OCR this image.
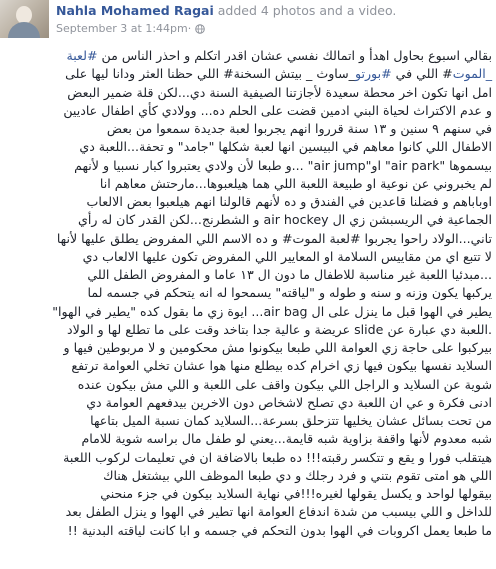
Nahla Mohamed Ragai added 4 photos and a video.
September 3 at 1:44pm ·
بقالي اسبوع بحاول اهدأ و اتمالك نفسي عشان اقدر اتكلم و احذر الناس من #لعبة
_الموت# اللي في #بورتو_ساوث _ بيتش السخنة# اللي حظنا العثر ودانا ليها على
امل انها تكون اخر محطة سعيدة لأجازتنا الصيفية السنة دي...لكن قلة ضمير البعض
و عدم الاكتراث لحياة البني ادمين قضت على الحلم ده... وولادي كأي اطفال عاديين
في سنهم ٩ سنين و ١٣ سنة قرروا انهم يجربوا لعبة جديدة سمعوا من بعض
الاطفال اللي كانوا معاهم في البيسين انها لعبة شكلها "جامد" و تحفة...اللعبة دي
بيسموها "air park" او"air jump" ...و طبعا لأن ولادي يعتبروا كبار نسبيا و لأنهم
لم يخبروني عن نوعية او طبيعة اللعبة اللي هما هيلعبوها...مارحتش معاهم انا
اوباباهم و فضلنا قاعدين في الفندق و ده لأنهم قالولنا انهم هيلعبوا بعض الالعاب
الجماعية في الريسبشن زي ال air hockey و الشطرنج...لكن القدر كان له رأي
تاني...الولاد راحوا يجربوا #لعبة الموت# و ده الاسم اللي المفروض يطلق عليها لأنها
لا تتبع اي من مقاييس السلامة او المعايير اللي المفروض تكون عليها الالعاب دي
...مبدئيا اللعبة غير مناسبة للاطفال ما دون ال ١٣ عاما و المفروض الطفل اللي
يركبها يكون وزنه و سنه و طوله و "لياقته" يسمحوا له انه يتحكم في جسمه لما
يطير في الهوا قبل ما ينزل على ال air bag... ايوة زي ما بقول كده "يطير في الهوا"
.اللعبة دي عبارة عن slide عريضة و عالية جدا بتاخد وقت على ما تطلع لها و الولاد
بيركبوا على حاجة زي العوامة اللي طبعا بيكونوا مش محكومين و لا مربوطين فيها و
السلايد نفسها بيكون فيها زي اخرام كده بيطلع منها هوا عشان تخلي العوامة ترتفع
شوية عن السلايد و الراجل اللي بيكون واقف على اللعبة و اللي مش بيكون عنده
ادنى فكرة و عي ان اللعبة دي تصلح لاشخاص دون الاخرين بيدفعهم العوامة دي
من تحت بسائل عشان يخليها تتزحلق بسرعة...السلايد كمان نسبة الميل بتاعها
شبه معدوم لأنها واقفة بزاوية شبه قايمة...يعني لو طفل مال براسه شوية للامام
هيتقلب فورا و يقع و تتكسر رقبته!!! ده طبعا بالاضافة ان في تعليمات لركوب اللعبة
اللي هو امتى تقوم بتني و فرد رجلك و دي طبعا الموظف اللي بيشتغل هناك
بيقولها لواحد و يكسل يقولها لغيره!!!في نهاية السلايد بيكون في جزء منحني
للداخل و اللي بيسبب من شدة اندفاع العوامة انها تطير في الهوا و ينزل الطفل بعد
ما طبعا يعمل اكروبات في الهوا بدون التحكم في جسمه و ابا كانت لياقته البدنية !!
